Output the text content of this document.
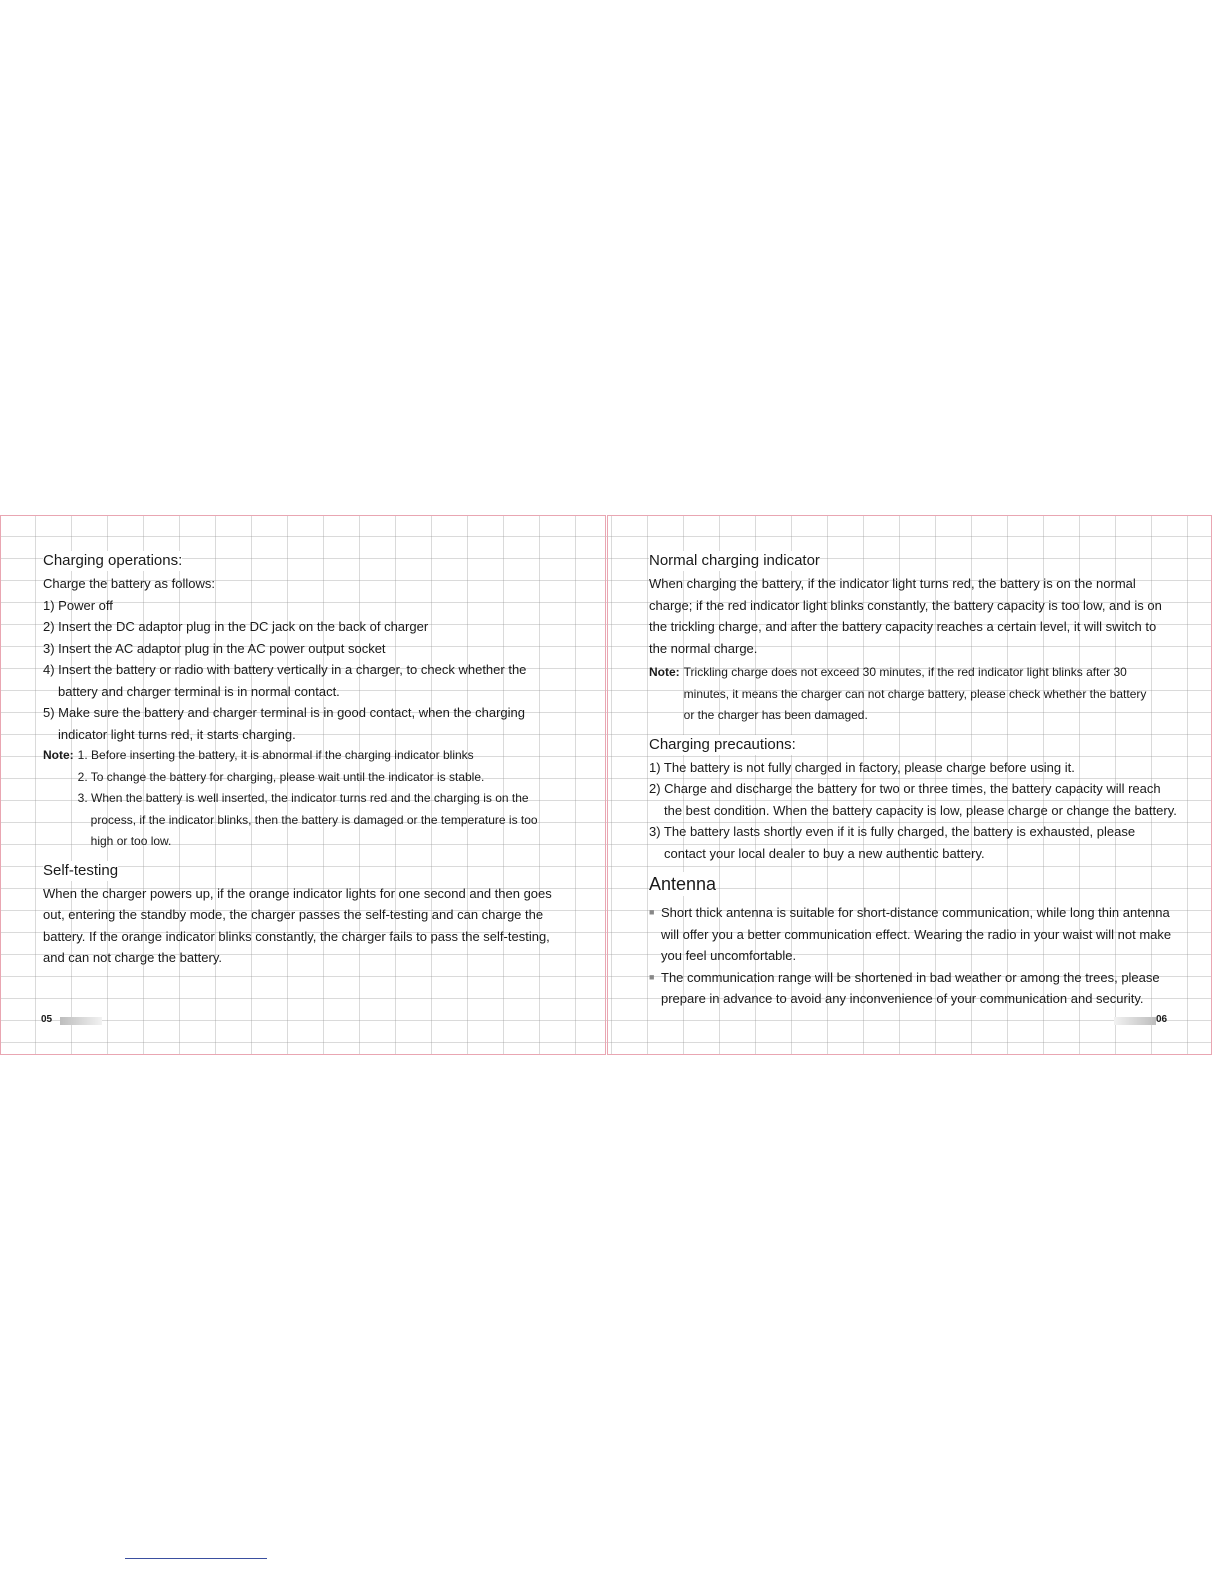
Charging operations:

Charge the battery as follows:

1) Power off

2) Insert the DC adaptor plug in the DC jack on the back of charger

3) Insert the AC adaptor plug in the AC power output socket

4) Insert the battery or radio with battery vertically in a charger, to check whether the

battery and charger terminal is in normal contact.

5) Make sure the battery and charger terminal is in good contact, when the charging

indicator light turns red, it starts charging.

Note: 1. Before inserting the battery, it is abnormal if the charging indicator blinks
2. To change the battery for charging, please wait until the indicator is stable.
3. When the battery is well inserted, the indicator turns red and the charging is on the
process, if the indicator blinks, then the battery is damaged or the temperature is too
high or too low.
Self-testing

When the charger powers up, if the orange indicator lights for one second and then goes

out, entering the standby mode, the charger passes the self-testing and can charge the

battery. If the orange indicator blinks constantly, the charger fails to pass the self-testing,

and can not charge the battery.

05
Normal charging indicator

When charging the battery, if the indicator light turns red, the battery is on the normal

charge; if the red indicator light blinks constantly, the battery capacity is too low, and is on

the trickling charge, and after the battery capacity reaches a certain level, it will switch to

the normal charge.

Note: Trickling charge does not exceed 30 minutes, if the red indicator light blinks after 30
minutes, it means the charger can not charge battery, please check whether the battery
or the charger has been damaged.
Charging precautions:

1) The battery is not fully charged in factory, please charge before using it.

2) Charge and discharge the battery for two or three times, the battery capacity will reach

the best condition. When the battery capacity is low, please charge or change the battery.

3) The battery lasts shortly even if it is fully charged, the battery is exhausted, please

contact your local dealer to buy a new authentic battery.

Antenna
■ Short thick antenna is suitable for short-distance communication, while long thin antenna
will offer you a better communication effect. Wearing the radio in your waist will not make
you feel uncomfortable.
■ The communication range will be shortened in bad weather or among the trees, please
prepare in advance to avoid any inconvenience of your communication and security.
06
